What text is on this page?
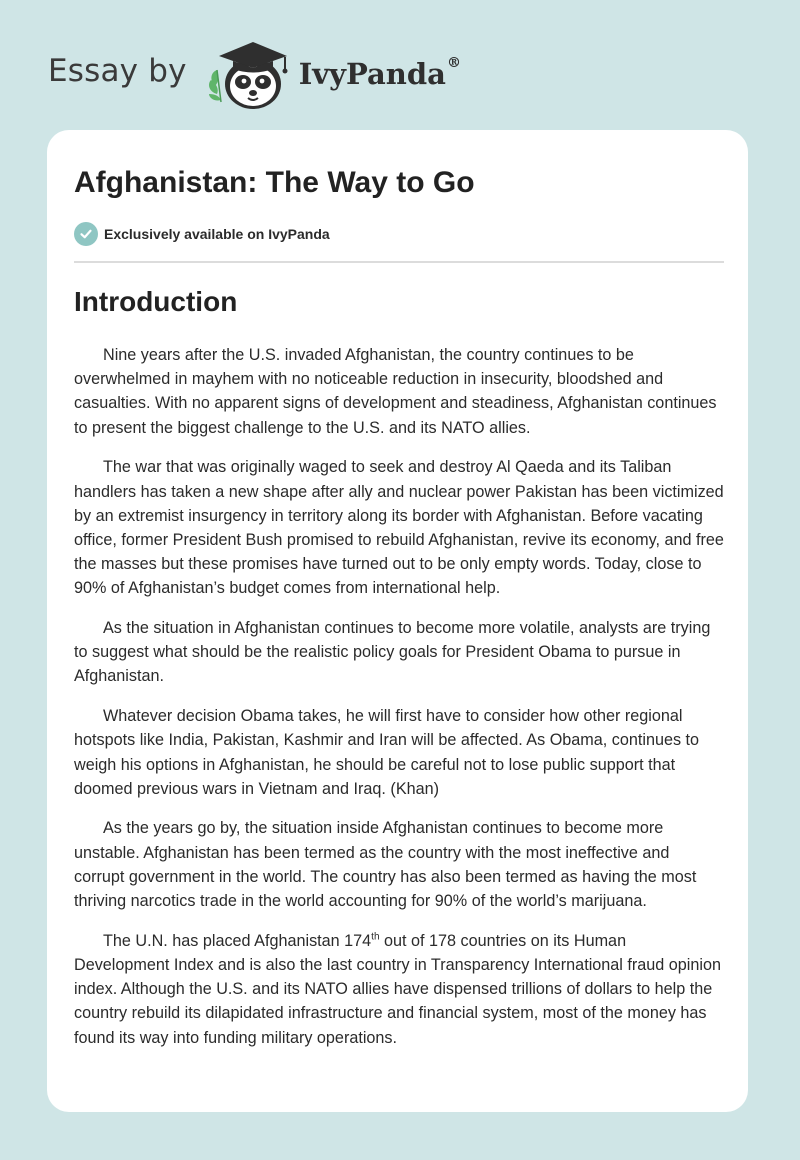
Essay by	IvyPanda®
Afghanistan: The Way to Go
Exclusively available on IvyPanda
Introduction

Nine years after the U.S. invaded Afghanistan, the country continues to be overwhelmed in mayhem with no noticeable reduction in insecurity, bloodshed and casualties. With no apparent signs of development and steadiness, Afghanistan continues to present the biggest challenge to the U.S. and its NATO allies.

The war that was originally waged to seek and destroy Al Qaeda and its Taliban handlers has taken a new shape after ally and nuclear power Pakistan has been victimized by an extremist insurgency in territory along its border with Afghanistan. Before vacating office, former President Bush promised to rebuild Afghanistan, revive its economy, and free the masses but these promises have turned out to be only empty words. Today, close to 90% of Afghanistan’s budget comes from international help.

As the situation in Afghanistan continues to become more volatile, analysts are trying to suggest what should be the realistic policy goals for President Obama to pursue in Afghanistan.

Whatever decision Obama takes, he will first have to consider how other regional hotspots like India, Pakistan, Kashmir and Iran will be affected. As Obama, continues to weigh his options in Afghanistan, he should be careful not to lose public support that doomed previous wars in Vietnam and Iraq. (Khan)

As the years go by, the situation inside Afghanistan continues to become more unstable. Afghanistan has been termed as the country with the most ineffective and corrupt government in the world. The country has also been termed as having the most thriving narcotics trade in the world accounting for 90% of the world’s marijuana.

The U.N. has placed Afghanistan 174th out of 178 countries on its Human Development Index and is also the last country in Transparency International fraud opinion index. Although the U.S. and its NATO allies have dispensed trillions of dollars to help the country rebuild its dilapidated infrastructure and financial system, most of the money has found its way into funding military operations.
